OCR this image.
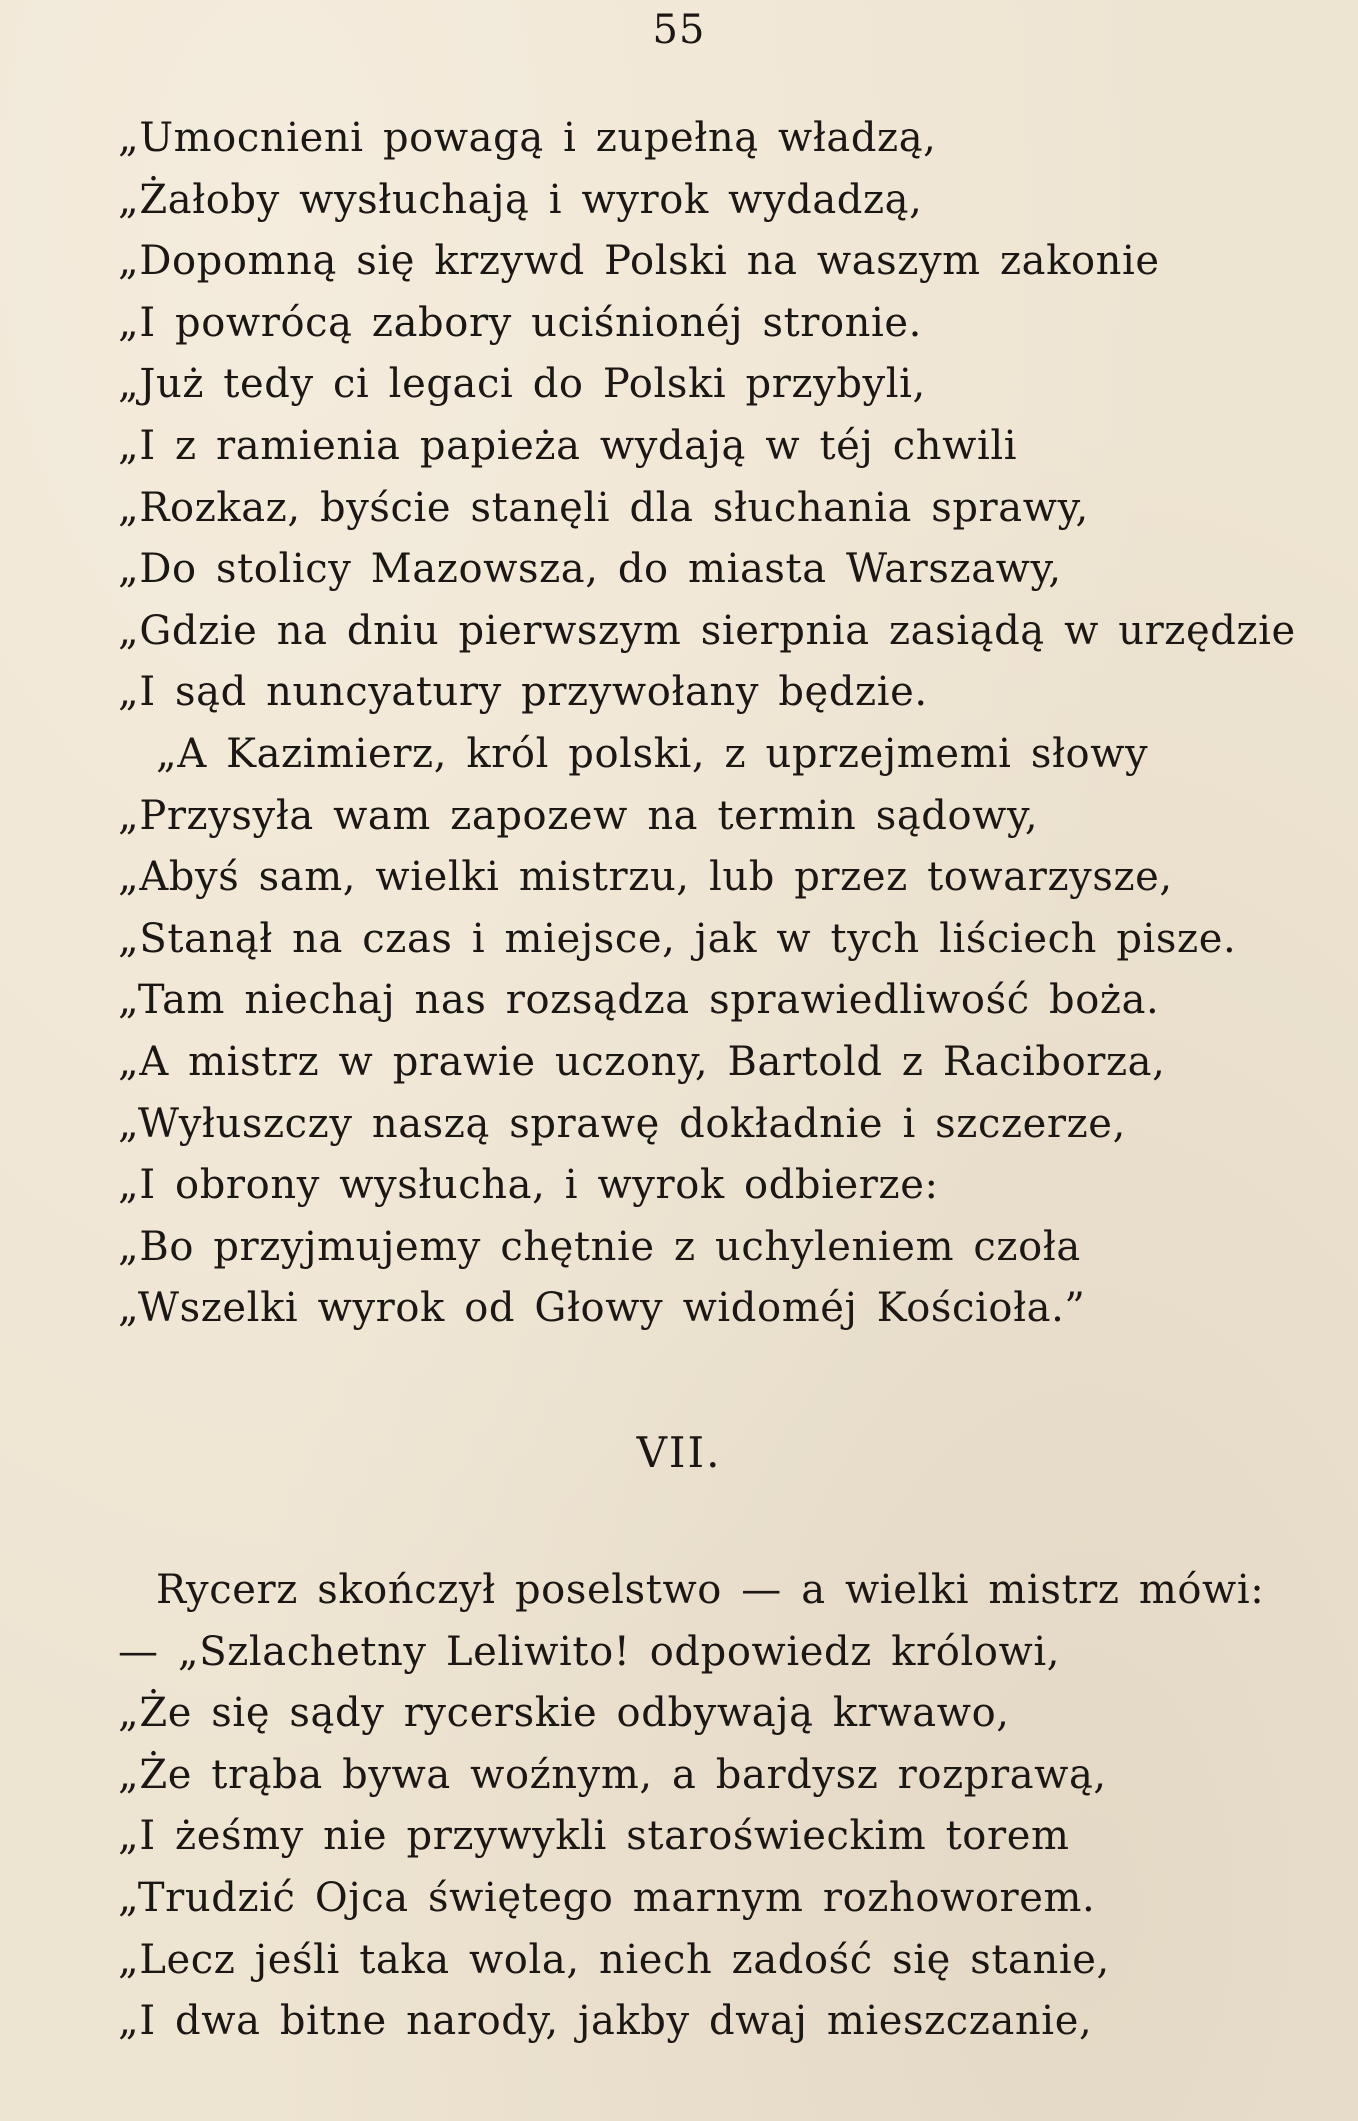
55
„Umocnieni powagą i zupełną władzą,
„Żałoby wysłuchają i wyrok wydadzą,
„Dopomną się krzywd Polski na waszym zakonie
„I powrócą zabory uciśnionéj stronie.
„Już tedy ci legaci do Polski przybyli,
„I z ramienia papieża wydają w téj chwili
„Rozkaz, byście stanęli dla słuchania sprawy,
„Do stolicy Mazowsza, do miasta Warszawy,
„Gdzie na dniu pierwszym sierpnia zasiądą w urzędzie
„I sąd nuncyatury przywołany będzie.
„A Kazimierz, król polski, z uprzejmemi słowy
„Przysyła wam zapozew na termin sądowy,
„Abyś sam, wielki mistrzu, lub przez towarzysze,
„Stanął na czas i miejsce, jak w tych liściech pisze.
„Tam niechaj nas rozsądza sprawiedliwość boża.
„A mistrz w prawie uczony, Bartold z Raciborza,
„Wyłuszczy naszą sprawę dokładnie i szczerze,
„I obrony wysłucha, i wyrok odbierze:
„Bo przyjmujemy chętnie z uchyleniem czoła
„Wszelki wyrok od Głowy widoméj Kościoła.”
VII.
Rycerz skończył poselstwo — a wielki mistrz mówi:
— „Szlachetny Leliwito! odpowiedz królowi,
„Że się sądy rycerskie odbywają krwawo,
„Że trąba bywa woźnym, a bardysz rozprawą,
„I żeśmy nie przywykli staroświeckim torem
„Trudzić Ojca świętego marnym rozhoworem.
„Lecz jeśli taka wola, niech zadość się stanie,
„I dwa bitne narody, jakby dwaj mieszczanie,
